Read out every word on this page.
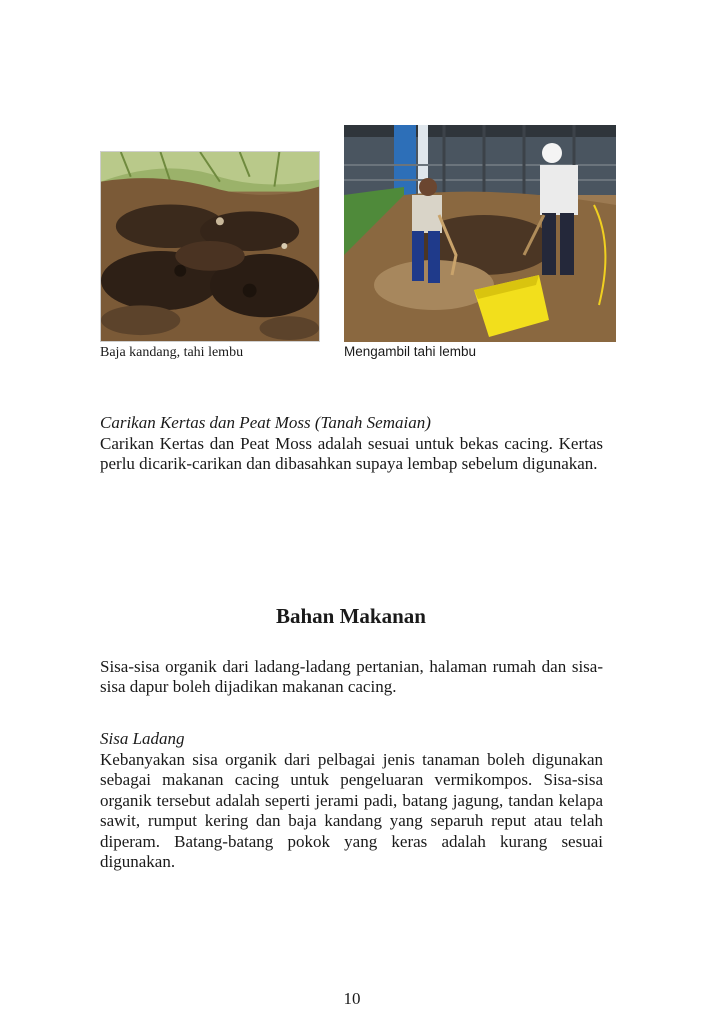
Baja kandang, tahi lembu	Mengambil tahi lembu

Carikan Kertas dan Peat Moss (Tanah Semaian)

Carikan Kertas dan Peat Moss adalah sesuai untuk bekas cacing. Kertas perlu dicarik-carikan dan dibasahkan supaya lembap sebelum digunakan.

Bahan Makanan

Sisa-sisa organik dari ladang-ladang pertanian, halaman rumah dan sisa-sisa dapur boleh dijadikan makanan cacing.

Sisa Ladang

Kebanyakan sisa organik dari pelbagai jenis tanaman boleh digunakan sebagai makanan cacing untuk pengeluaran vermikompos. Sisa-sisa organik tersebut adalah seperti jerami padi, batang jagung, tandan kelapa sawit, rumput kering dan baja kandang yang separuh reput atau telah diperam. Batang-batang pokok yang keras adalah kurang sesuai digunakan.

10
